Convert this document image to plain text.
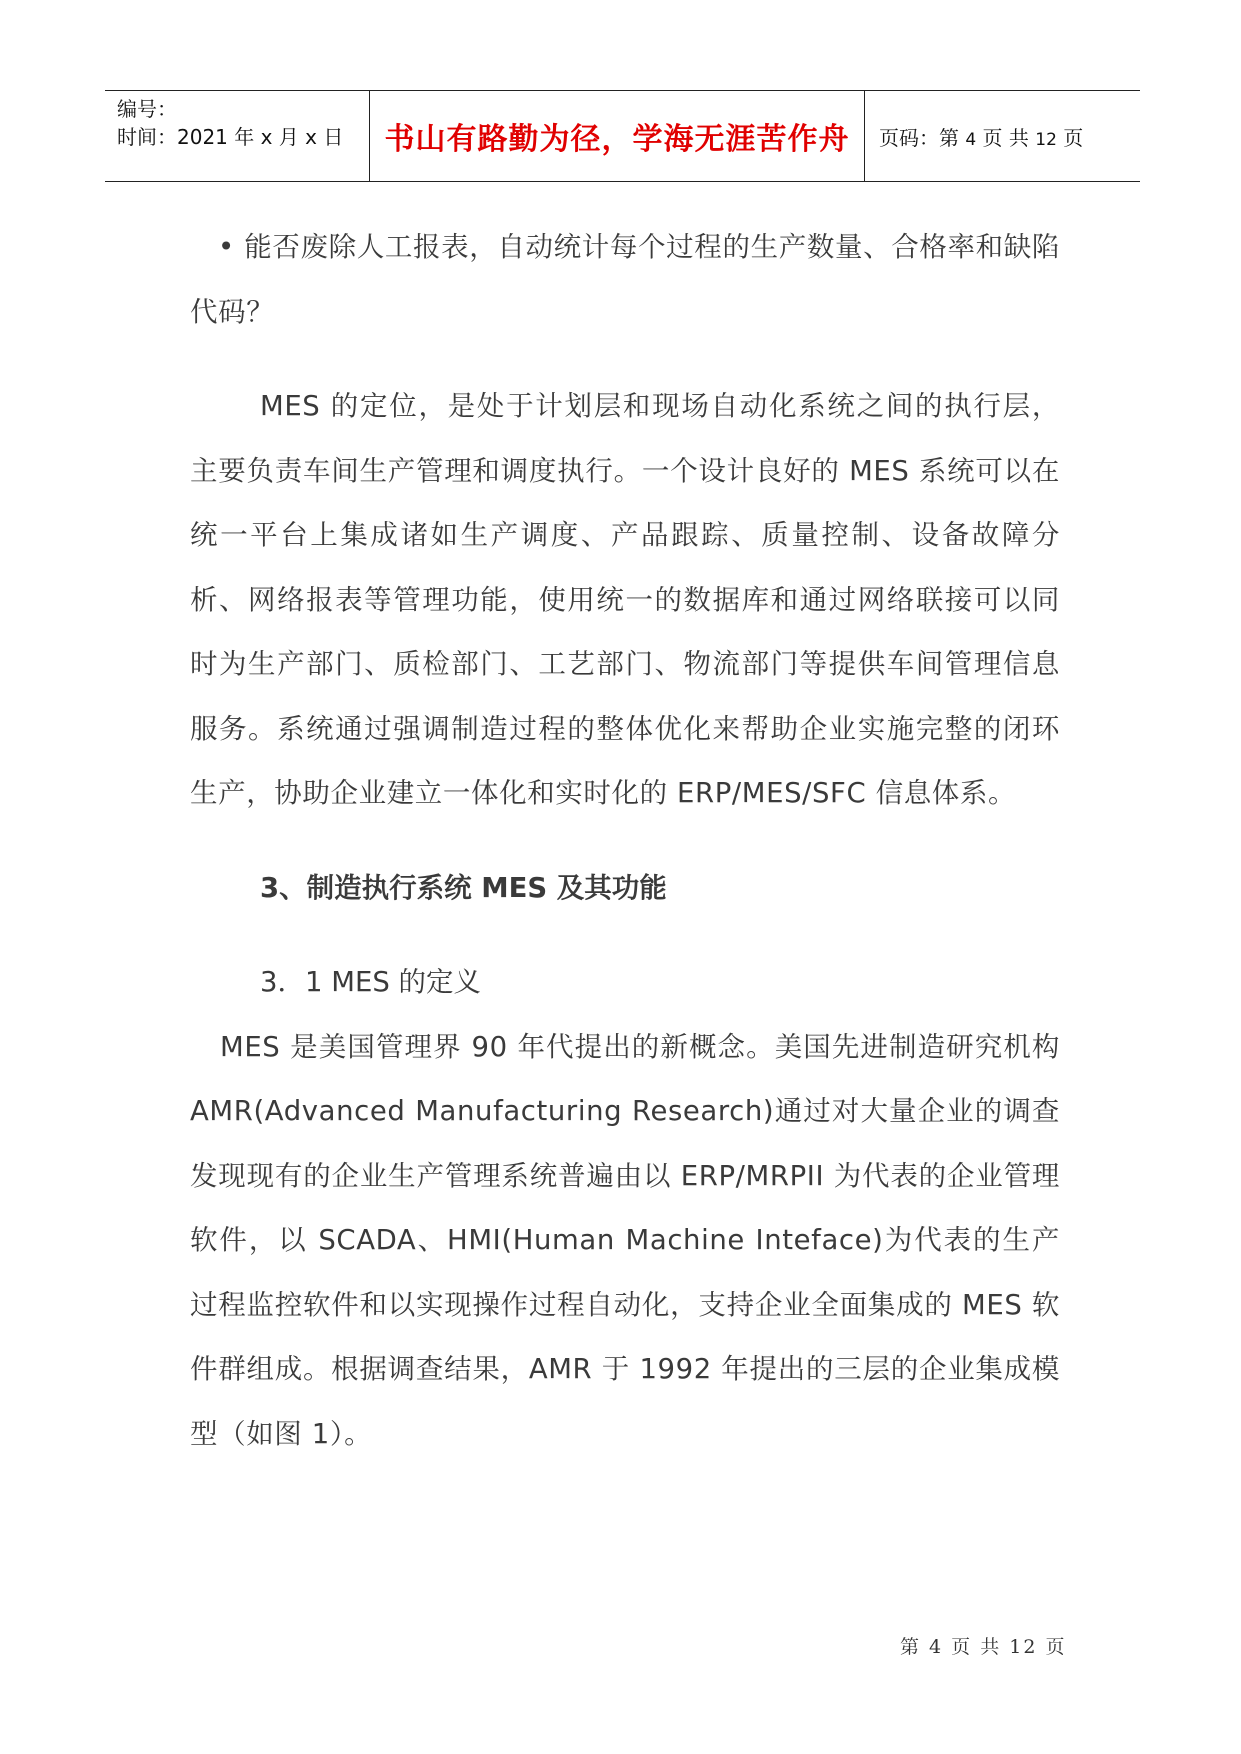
编号：
时间：2021 年 x 月 x 日	书山有路勤为径，学海无涯苦作舟 页码：第 4 页 共 12 页

• 能否废除人工报表，自动统计每个过程的生产数量、合格率和缺陷代码？

MES 的定位，是处于计划层和现场自动化系统之间的执行层，主要负责车间生产管理和调度执行。一个设计良好的 MES 系统可以在统一平台上集成诸如生产调度、产品跟踪、质量控制、设备故障分析、网络报表等管理功能，使用统一的数据库和通过网络联接可以同时为生产部门、质检部门、工艺部门、物流部门等提供车间管理信息服务。系统通过强调制造过程的整体优化来帮助企业实施完整的闭环生产，协助企业建立一体化和实时化的 ERP/MES/SFC 信息体系。

3、制造执行系统 MES 及其功能

3．1 MES 的定义

MES 是美国管理界 90 年代提出的新概念。美国先进制造研究机构 AMR(Advanced Manufacturing Research)通过对大量企业的调查发现现有的企业生产管理系统普遍由以 ERP/MRPII 为代表的企业管理软件，以 SCADA、HMI(Human Machine Inteface)为代表的生产过程监控软件和以实现操作过程自动化，支持企业全面集成的 MES 软件群组成。根据调查结果，AMR 于 1992 年提出的三层的企业集成模型（如图 1）。

第 4 页 共 12 页
